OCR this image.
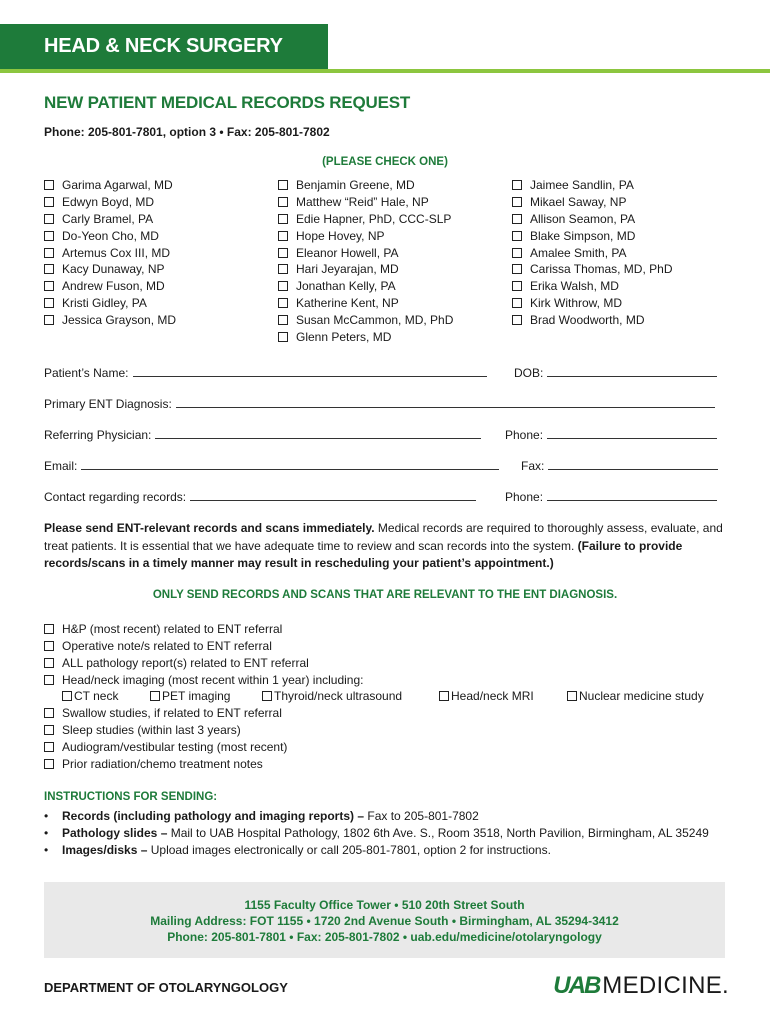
HEAD & NECK SURGERY
NEW PATIENT MEDICAL RECORDS REQUEST
Phone: 205-801-7801, option 3 • Fax: 205-801-7802
(PLEASE CHECK ONE)
Garima Agarwal, MD
Edwyn Boyd, MD
Carly Bramel, PA
Do-Yeon Cho, MD
Artemus Cox III, MD
Kacy Dunaway, NP
Andrew Fuson, MD
Kristi Gidley, PA
Jessica Grayson, MD
Benjamin Greene, MD
Matthew “Reid” Hale, NP
Edie Hapner, PhD, CCC-SLP
Hope Hovey, NP
Eleanor Howell, PA
Hari Jeyarajan, MD
Jonathan Kelly, PA
Katherine Kent, NP
Susan McCammon, MD, PhD
Glenn Peters, MD
Jaimee Sandlin, PA
Mikael Saway, NP
Allison Seamon, PA
Blake Simpson, MD
Amalee Smith, PA
Carissa Thomas, MD, PhD
Erika Walsh, MD
Kirk Withrow, MD
Brad Woodworth, MD
Patient’s Name:	DOB:
Primary ENT Diagnosis:
Referring Physician:	Phone:
Email:	Fax:
Contact regarding records:	Phone:

Please send ENT-relevant records and scans immediately. Medical records are required to thoroughly assess, evaluate, and treat patients. It is essential that we have adequate time to review and scan records into the system. (Failure to provide records/scans in a timely manner may result in rescheduling your patient’s appointment.)

ONLY SEND RECORDS AND SCANS THAT ARE RELEVANT TO THE ENT DIAGNOSIS.
H&P (most recent) related to ENT referral
Operative note/s related to ENT referral
ALL pathology report(s) related to ENT referral
Head/neck imaging (most recent within 1 year) including:
CT neck	PET imaging	Thyroid/neck ultrasound	Head/neck MRI	Nuclear medicine study
Swallow studies, if related to ENT referral
Sleep studies (within last 3 years)
Audiogram/vestibular testing (most recent)
Prior radiation/chemo treatment notes
INSTRUCTIONS FOR SENDING:
•	Records (including pathology and imaging reports) – Fax to 205-801-7802
•	Pathology slides – Mail to UAB Hospital Pathology, 1802 6th Ave. S., Room 3518, North Pavilion, Birmingham, AL 35249
•	Images/disks – Upload images electronically or call 205-801-7801, option 2 for instructions.
1155 Faculty Office Tower • 510 20th Street South
Mailing Address: FOT 1155 • 1720 2nd Avenue South • Birmingham, AL 35294-3412
Phone: 205-801-7801 • Fax: 205-801-7802 • uab.edu/medicine/otolaryngology
DEPARTMENT OF OTOLARYNGOLOGY	UAB MEDICINE.
